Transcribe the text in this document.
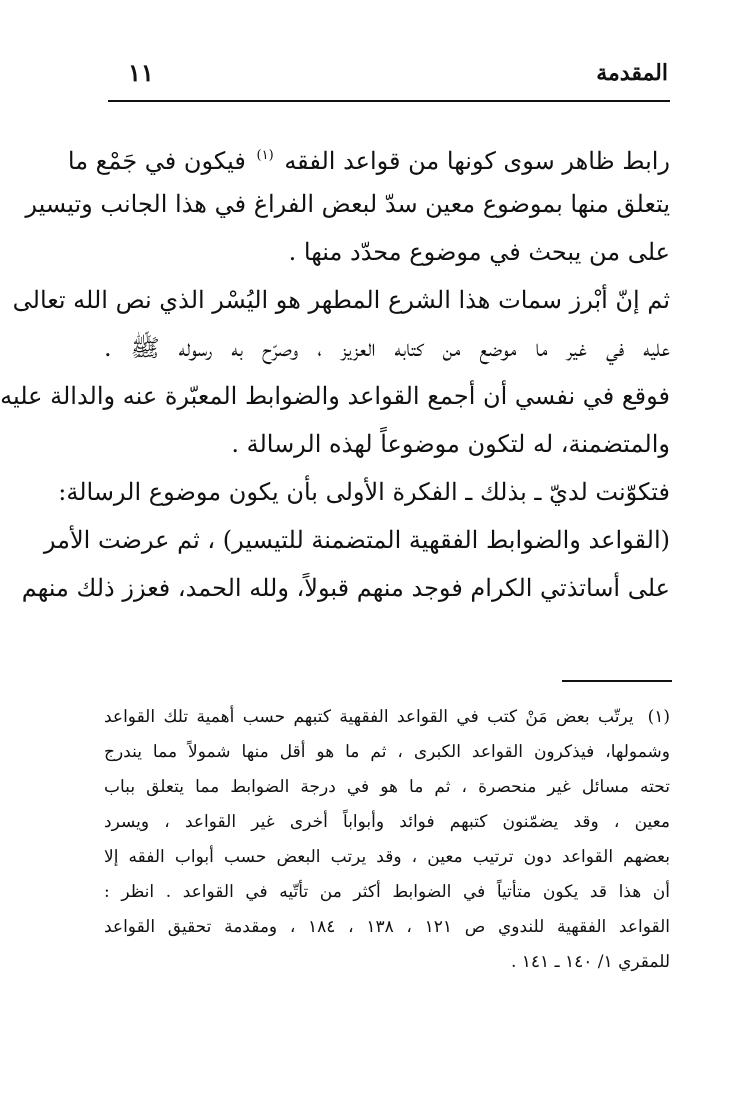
المقدمة
١١
رابط ظاهر سوى كونها من قواعد الفقه (١) فيكون في جَمْع ما
يتعلق منها بموضوع معين سدّ لبعض الفراغ في هذا الجانب وتيسير
على من يبحث في موضوع محدّد منها .
ثم إنّ أبْرز سمات هذا الشرع المطهر هو اليُسْر الذي نص الله تعالى
عليه في غير ما موضع من كتابه العزيز ، وصرّح به رسوله ﷺ .
فوقع في نفسي أن أجمع القواعد والضوابط المعبّرة عنه والدالة عليه
والمتضمنة، له لتكون موضوعاً لهذه الرسالة .
فتكوّنت لديّ ـ بذلك ـ الفكرة الأولى بأن يكون موضوع الرسالة:
(القواعد والضوابط الفقهية المتضمنة للتيسير) ، ثم عرضت الأمر
على أساتذتي الكرام فوجد منهم قبولاً، ولله الحمد، فعزز ذلك منهم
(١)يرتّب بعض مَنْ كتب في القواعد الفقهية كتبهم حسب أهمية تلك القواعد
وشمولها، فيذكرون القواعد الكبرى ، ثم ما هو أقل منها شمولاً مما يندرج
تحته مسائل غير منحصرة ، ثم ما هو في درجة الضوابط مما يتعلق بباب
معين ، وقد يضمّنون كتبهم فوائد وأبواباً أخرى غير القواعد ، ويسرد
بعضهم القواعد دون ترتيب معين ، وقد يرتب البعض حسب أبواب الفقه إلا
أن هذا قد يكون متأتياً في الضوابط أكثر من تأتّيه في القواعد . انظر :
القواعد الفقهية للندوي ص ١٢١ ، ١٣٨ ، ١٨٤ ، ومقدمة تحقيق القواعد
للمقري ١/ ١٤٠ ـ ١٤١ .
